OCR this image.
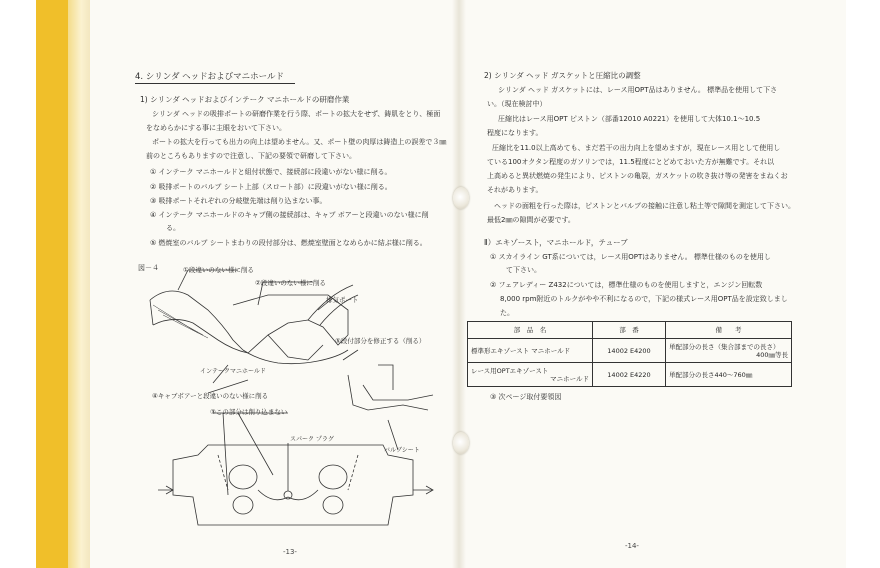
4. シリンダ ヘッドおよびマニホールド
1) シリンダ ヘッドおよびインテーク マニホールドの研磨作業
シリンダ ヘッドの吸排ポートの研磨作業を行う際、ポートの拡大をせず、鋳肌をとり、極面
をなめらかにする事に主眼をおいて下さい。
ポートの拡大を行っても出力の向上は望めません。又、ポート壁の肉厚は鋳造上の誤差で３㎜
前のところもありますので注意し、下記の要領で研磨して下さい。
① インテーク マニホールドと組付状態で、接続部に段違いがない様に削る。
② 吸排ポートのバルブ シート上部（スロート部）に段違いがない様に削る。
③ 吸排ポートそれぞれの分岐壁先端は削り込まない事。
④ インテーク マニホールドのキャブ側の接続部は、キャブ ボアーと段違いのない様に削
る。
⑤ 燃焼室のバルブ シートまわりの段付部分は、燃焼室壁面となめらかに結ぶ様に削る。
図－４	①段違いのない様に削る
②段違いのない様に削る
排気ポート
⑤段付部分を修正する（削る）
インテークマニホールド
④キャブボアーと段違いのない様に削る
③この部分は削り込まない
スパーク プラグ
バルブシート
-13-
2) シリンダ ヘッド ガスケットと圧縮比の調整
シリンダ ヘッド ガスケットには、レース用OPT品はありません。 標準品を使用して下さ
い。（現在検討中）
圧縮比はレース用OPT ピストン（部番12010 A0221）を使用して大体10.1～10.5
程度になります。
圧縮比を11.0以上高めても、まだ若干の出力向上を望めますが，現在レース用として使用し
ている100オクタン程度のガソリンでは，11.5程度にとどめておいた方が無難です。それ以
上高めると異状燃焼の発生により、ピストンの亀裂，ガスケットの吹き抜け等の発害をまねくお
それがあります。
ヘッドの面粗を行った際は，ピストンとバルブの接触に注意し粘土等で隙間を測定して下さい。
最低2㎜の隙間が必要です。
Ⅱ）エキゾースト，マニホールド，テューブ
① スカイライン GT系については，レース用OPTはありません。 標準仕様のものを使用し
て下さい。
② フェアレディー Z432については，標準仕様のものを使用しますと，エンジン回転数
8,000 rpm附近のトルクがやや不利になるので，下記の様式レース用OPT品を設定致しまし
た。
部　品　名	部　番	備　　考
標準形エキゾースト マニホールド	14002 E4200	単配部分の長さ（集合部までの長さ）
400㎜等長

レース用OPTエキゾースト
マニホールド	14002 E4220	単配部分の長さ440～760㎜
③ 次ページ取付要領図
-14-
